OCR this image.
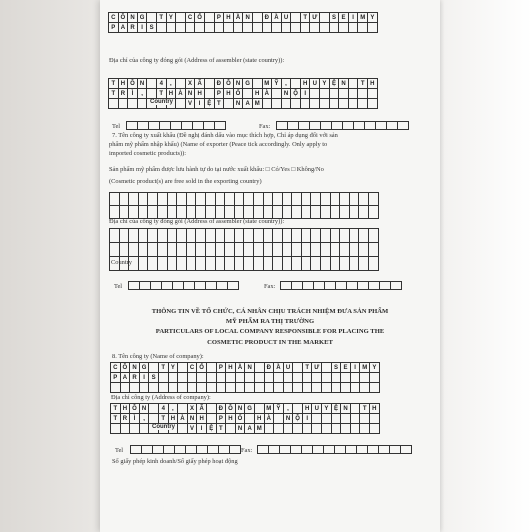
C Ô N G	T Y	C Ổ	P H Ầ N	Đ Ầ U	T Ư	S E	I	M Y
P A R	I	S
Địa chỉ của công ty đóng gói (Address of assembler (state country)):
T H Ô N	4	,	X Ã	Đ Ô N G	M Ỹ	,	H U Y Ệ N	T H
T R	Ì	,	T H À N H	P H Ố	H À	N Ộ	I
V	I	Ệ T	N A M
Tel	Fax:
7. Tên công ty xuất khẩu (Đề nghị đánh dấu vào mục thích hợp, Chỉ áp dụng đối với sản
phẩm mỹ phẩm nhập khẩu) (Name of exporter (Peace tick accordingly. Only apply to
imported cosmetic products)):
Sản phẩm mỹ phẩm được lưu hành tự do tại nước xuất khẩu: □ Có/Yes □ Không/No
(Cosmetic product(s) are free sold in the exporting country)
Địa chỉ của công ty đóng gói (Address of assembler (state country)):
Country
Tel	Fax:
THÔNG TIN VỀ TỔ CHỨC, CÁ NHÂN CHỊU TRÁCH NHIỆM ĐƯA SẢN PHẨM
MỸ PHẨM RA THỊ TRƯỜNG
PARTICULARS OF LOCAL COMPANY RESPONSIBLE FOR PLACING THE
COSMETIC PRODUCT IN THE MARKET
8. Tên công ty (Name of company):
C Ô N G	T Y	C Ổ	P H Ầ N	Đ Ầ U	T Ư	S E	I	M Y
P A R	I	S
Địa chỉ công ty (Address of company):
T H Ô N	4	,	X Ã	Đ Ô N G	M Ỹ	,	H U Y Ệ N	T H
T R	Ì	,	T H À N H	P H Ố	H À	N Ộ	I
V	I	Ệ T	N A M
Tel	Fax:
Số giấy phép kinh doanh/Số giấy phép hoạt động
Country
Country
